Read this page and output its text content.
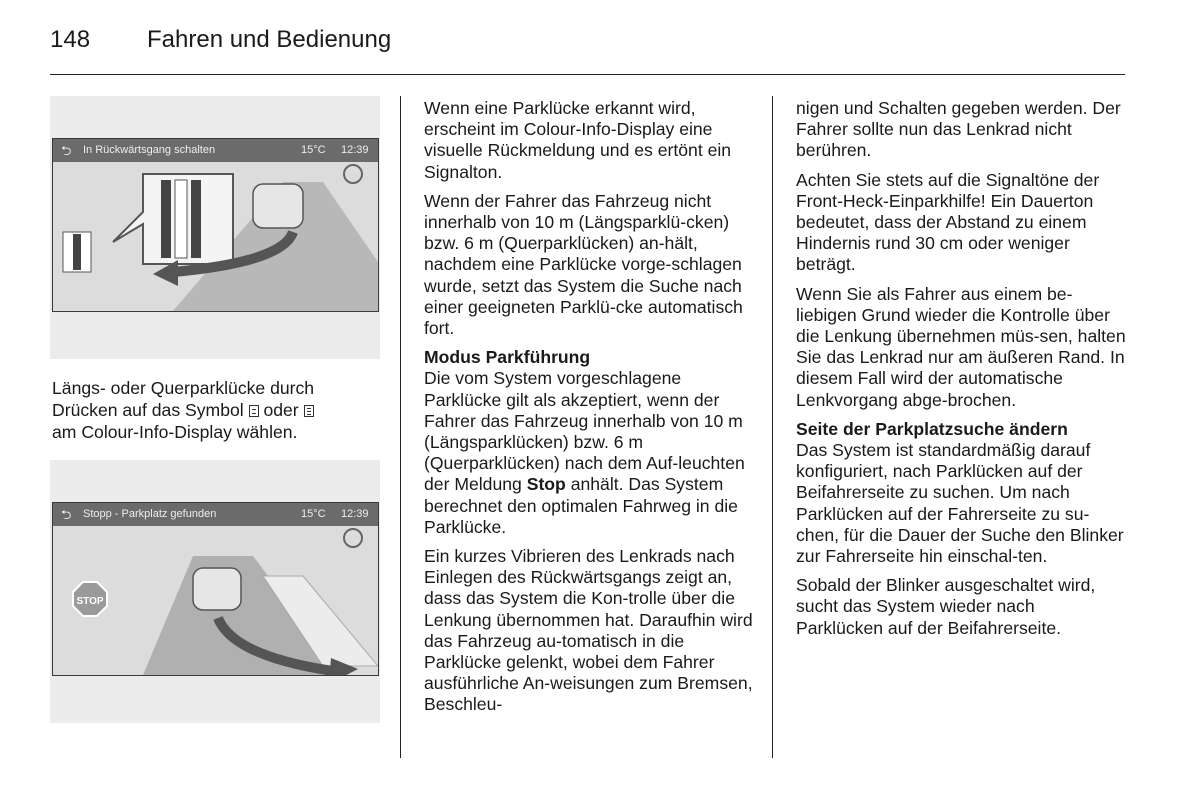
148 Fahren und Bedienung
⮌ In Rückwärtsgang schalten	15°C 12:39
Längs- oder Querparklücke durch
Drücken auf das Symbol oder
am Colour-Info-Display wählen.
⮌ Stopp - Parkplatz gefunden	15°C 12:39
STOP

Wenn eine Parklücke erkannt wird, erscheint im Colour-Info-Display eine visuelle Rückmeldung und es ertönt ein Signalton.

Wenn der Fahrer das Fahrzeug nicht innerhalb von 10 m (Längsparklü-cken) bzw. 6 m (Querparklücken) an-hält, nachdem eine Parklücke vorge-schlagen wurde, setzt das System die Suche nach einer geeigneten Parklü-cke automatisch fort.

Modus Parkführung

Die vom System vorgeschlagene Parklücke gilt als akzeptiert, wenn der Fahrer das Fahrzeug innerhalb von 10 m (Längsparklücken) bzw. 6 m (Querparklücken) nach dem Auf-leuchten der Meldung Stop anhält. Das System berechnet den optimalen Fahrweg in die Parklücke.

Ein kurzes Vibrieren des Lenkrads nach Einlegen des Rückwärtsgangs zeigt an, dass das System die Kon-trolle über die Lenkung übernommen hat. Daraufhin wird das Fahrzeug au-tomatisch in die Parklücke gelenkt, wobei dem Fahrer ausführliche An-weisungen zum Bremsen, Beschleu-

nigen und Schalten gegeben werden. Der Fahrer sollte nun das Lenkrad nicht berühren.

Achten Sie stets auf die Signaltöne der Front-Heck-Einparkhilfe! Ein Dauerton bedeutet, dass der Abstand zu einem Hindernis rund 30 cm oder weniger beträgt.

Wenn Sie als Fahrer aus einem be-liebigen Grund wieder die Kontrolle über die Lenkung übernehmen müs-sen, halten Sie das Lenkrad nur am äußeren Rand. In diesem Fall wird der automatische Lenkvorgang abge-brochen.

Seite der Parkplatzsuche ändern

Das System ist standardmäßig darauf konfiguriert, nach Parklücken auf der Beifahrerseite zu suchen. Um nach Parklücken auf der Fahrerseite zu su-chen, für die Dauer der Suche den Blinker zur Fahrerseite hin einschal-ten.

Sobald der Blinker ausgeschaltet wird, sucht das System wieder nach Parklücken auf der Beifahrerseite.
